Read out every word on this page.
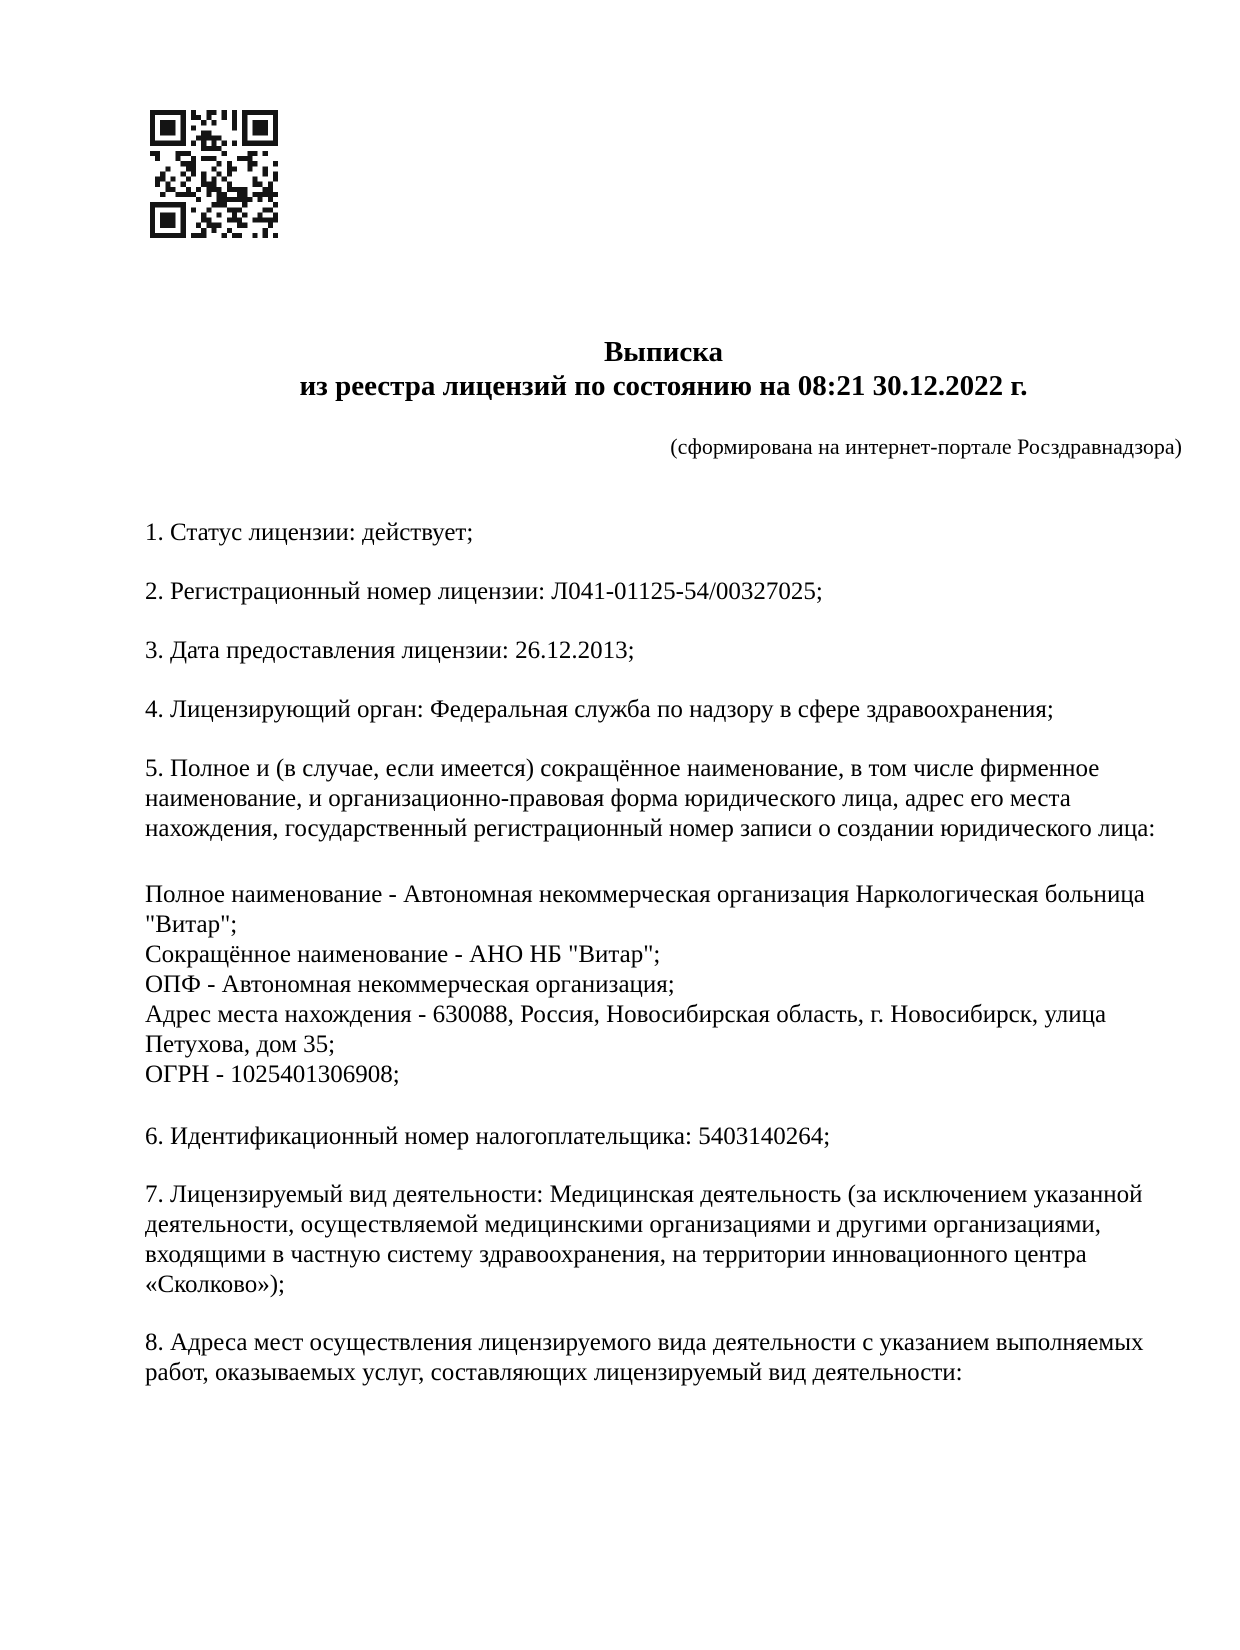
Выписка
из реестра лицензий по состоянию на 08:21 30.12.2022 г.

(сформирована на интернет-портале Росздравнадзора)

1. Статус лицензии: действует;

2. Регистрационный номер лицензии: Л041-01125-54/00327025;

3. Дата предоставления лицензии: 26.12.2013;

4. Лицензирующий орган: Федеральная служба по надзору в сфере здравоохранения;

5. Полное и (в случае, если имеется) сокращённое наименование, в том числе фирменное наименование, и организационно-правовая форма юридического лица, адрес его места нахождения, государственный регистрационный номер записи о создании юридического лица:

Полное наименование - Автономная некоммерческая организация Наркологическая больница "Витар";
Сокращённое наименование - АНО НБ "Витар";
ОПФ - Автономная некоммерческая организация;
Адрес места нахождения - 630088, Россия, Новосибирская область, г. Новосибирск, улица Петухова, дом 35;
ОГРН - 1025401306908;

6. Идентификационный номер налогоплательщика: 5403140264;

7. Лицензируемый вид деятельности: Медицинская деятельность (за исключением указанной деятельности, осуществляемой медицинскими организациями и другими организациями, входящими в частную систему здравоохранения, на территории инновационного центра «Сколково»);

8. Адреса мест осуществления лицензируемого вида деятельности с указанием выполняемых работ, оказываемых услуг, составляющих лицензируемый вид деятельности:
